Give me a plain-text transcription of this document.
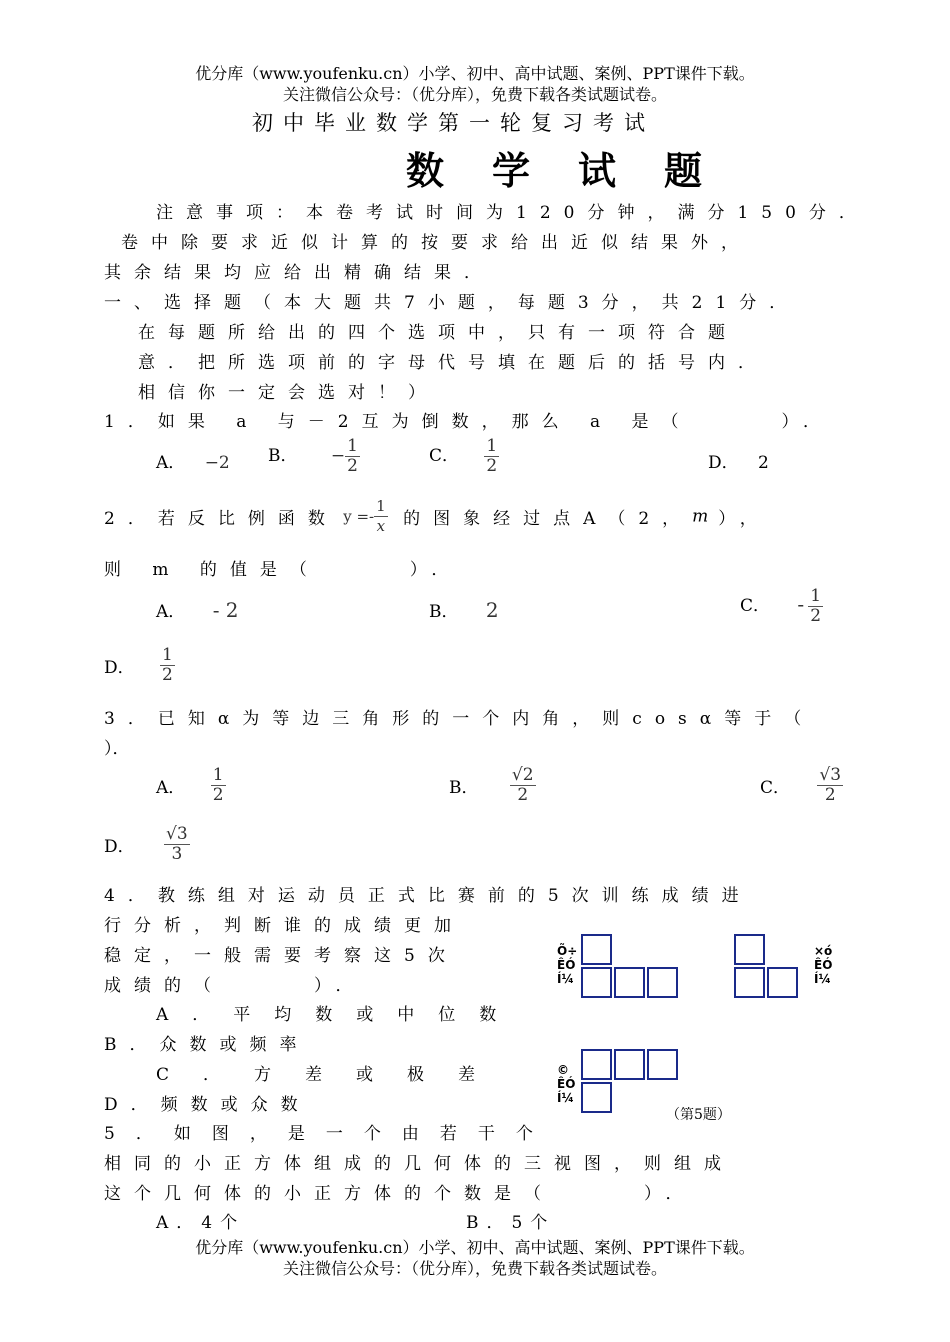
优分库（www.youfenku.cn）小学、初中、高中试题、案例、PPT课件下载。
关注微信公众号：（优分库），免费下载各类试题试卷。
初中毕业数学第一轮复习考试
数学试题
注意事项：本卷考试时间为120分钟，满分150分．
卷中除要求近似计算的按要求给出近似结果外，
其余结果均应给出精确结果．
一、选择题（本大题共7小题，每题3分，共21分．
在每题所给出的四个选项中，只有一项符合题
意．把所选项前的字母代号填在题后的括号内．
相信你一定会选对！）
1．如果 a 与－2互为倒数，那么 a 是（　　　）．
A． −2 B． − $\frac{1}{2}$	C． $\frac{1}{2}$	D． 2
2．若反比例函数 $y =- \frac{1}{x}$ 的图象经过点A（2，m ），
则 m 的值是（　　　）．
A． - 2	B． 2	C． - $\frac{1}{2}$
D． $\frac{1}{2}$
3．已知α为等边三角形的一个内角，则cosα等于（
）．
A． $\frac{1}{2}$	B． $\frac{√2}{2}$	C． $\frac{√3}{2}$
D． $\frac{√3}{3}$
4．教练组对运动员正式比赛前的5次训练成绩进
行分析，判断谁的成绩更加
稳定，一般需要考察这5次
成绩的（　　　）．
A．平均数或中位数
B．众数或频率
C．方差或极差
D．频数或众数
5．如图，是一个由若干个
相同的小正方体组成的几何体的三视图，则组成
这个几何体的小正方体的个数是（　　　）．
A．4个	B．5个
Õ÷
ÊÓ
Í¼
×ó
ÊÓ
Í¼
©
ÊÓ
Í¼
（第5题）
优分库（www.youfenku.cn）小学、初中、高中试题、案例、PPT课件下载。
关注微信公众号：（优分库），免费下载各类试题试卷。
